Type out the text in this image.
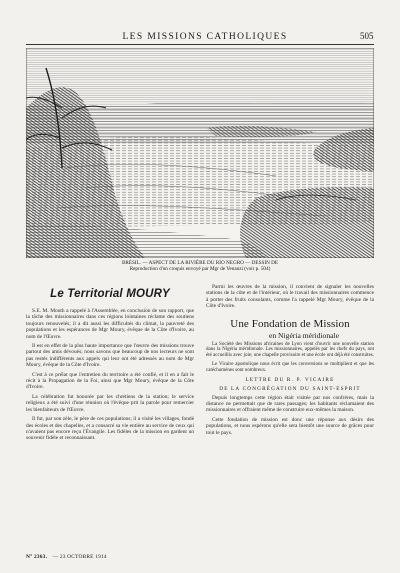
LES MISSIONS CATHOLIQUES	505
BRÉSIL. — ASPECT DE LA RIVIÈRE DU RIO NEGRO — DESSIN DE
Reproduction d'un croquis envoyé par Mgr de Venanzi (voir p. 504)
Le Territorial MOURY

S.E. M. Mouth a rappelé à l'Assemblée, en conclusion de son rapport, que la tâche des missionnaires dans ces régions lointaines réclame des soutiens toujours renouvelés; il a dit aussi les difficultés du climat, la pauvreté des populations et les espérances de Mgr Moury, évêque de la Côte d'Ivoire, au nom de l'Œuvre.

Il est en effet de la plus haute importance que l'œuvre des missions trouve partout des amis dévoués; nous savons que beaucoup de nos lecteurs ne sont pas restés indifférents aux appels qui leur ont été adressés au nom de Mgr Moury, évêque de la Côte d'Ivoire.

C'est à ce prélat que l'entretien du territoire a été confié, et il en a fait le récit à la Propagation de la Foi, ainsi que Mgr Moury, évêque de la Côte d'Ivoire.

La célébration fut honorée par les chrétiens de la station; le service religieux a été suivi d'une réunion où l'évêque prit la parole pour remercier les bienfaiteurs de l'Œuvre.

Il fut, par son zèle, le père de ces populations; il a visité les villages, fondé des écoles et des chapelles, et a consacré sa vie entière au service de ceux qui n'avaient pas encore reçu l'Évangile. Les fidèles de la mission en gardent un souvenir fidèle et reconnaissant.

Parmi les œuvres de la mission, il convient de signaler les nouvelles stations de la côte et de l'intérieur, où le travail des missionnaires commence à porter des fruits consolants, comme l'a rappelé Mgr Moury, évêque de la Côte d'Ivoire.

Une Fondation de Mission
en Nigéria méridionale

La Société des Missions africaines de Lyon vient d'ouvrir une nouvelle station dans la Nigéria méridionale. Les missionnaires, appelés par les chefs du pays, ont été accueillis avec joie; une chapelle provisoire et une école ont déjà été construites.

Le Vicaire apostolique nous écrit que les conversions se multiplient et que les catéchumènes sont nombreux.

LETTRE DU R. P. VICAIRE
DE LA CONGRÉGATION DU SAINT-ESPRIT

Depuis longtemps cette région était visitée par nos confrères, mais la distance ne permettait que de rares passages; les habitants réclamaient des missionnaires et offraient même de construire eux-mêmes la maison.

Cette fondation de mission est donc une réponse aux désirs des populations, et nous espérons qu'elle sera bientôt une source de grâces pour tout le pays.

N° 2363. — 23 OCTOBRE 1914
